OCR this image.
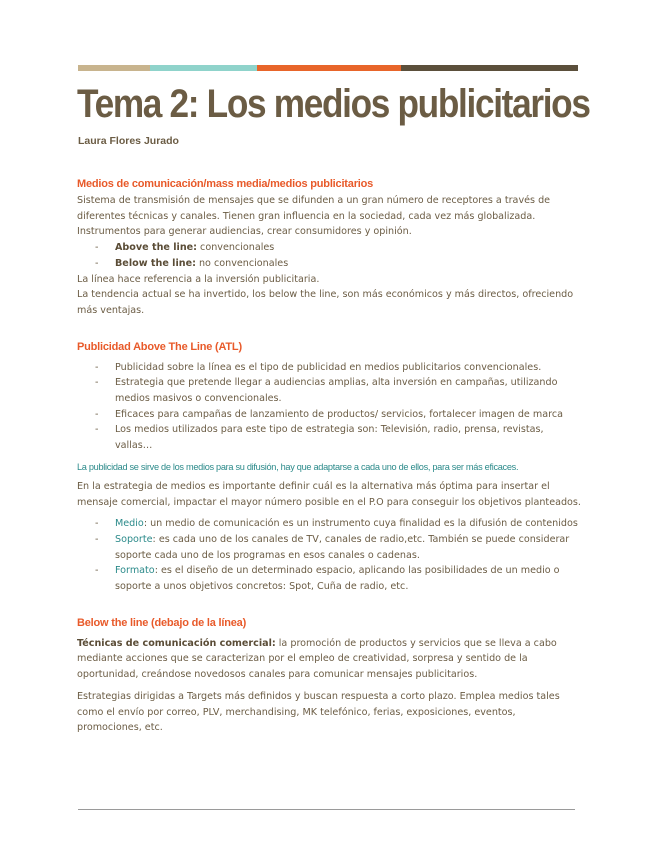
Tema 2: Los medios publicitarios
Laura Flores Jurado
Medios de comunicación/mass media/medios publicitarios

Sistema de transmisión de mensajes que se difunden a un gran número de receptores a través de diferentes técnicas y canales. Tienen gran influencia en la sociedad, cada vez más globalizada. Instrumentos para generar audiencias, crear consumidores y opinión.

- Above the line: convencionales
- Below the line: no convencionales

La línea hace referencia a la inversión publicitaria.

La tendencia actual se ha invertido, los below the line, son más económicos y más directos, ofreciendo más ventajas.

Publicidad Above The Line (ATL)
- Publicidad sobre la línea es el tipo de publicidad en medios publicitarios convencionales.
- Estrategia que pretende llegar a audiencias amplias, alta inversión en campañas, utilizando medios masivos o convencionales.
- Eficaces para campañas de lanzamiento de productos/ servicios, fortalecer imagen de marca
- Los medios utilizados para este tipo de estrategia son: Televisión, radio, prensa, revistas, vallas…

La publicidad se sirve de los medios para su difusión, hay que adaptarse a cada uno de ellos, para ser más eficaces.

En la estrategia de medios es importante definir cuál es la alternativa más óptima para insertar el mensaje comercial, impactar el mayor número posible en el P.O para conseguir los objetivos planteados.

- Medio: un medio de comunicación es un instrumento cuya finalidad es la difusión de contenidos
- Soporte: es cada uno de los canales de TV, canales de radio,etc. También se puede considerar soporte cada uno de los programas en esos canales o cadenas.
- Formato: es el diseño de un determinado espacio, aplicando las posibilidades de un medio o soporte a unos objetivos concretos: Spot, Cuña de radio, etc.
Below the line (debajo de la línea)

Técnicas de comunicación comercial: la promoción de productos y servicios que se lleva a cabo mediante acciones que se caracterizan por el empleo de creatividad, sorpresa y sentido de la oportunidad, creándose novedosos canales para comunicar mensajes publicitarios.

Estrategias dirigidas a Targets más definidos y buscan respuesta a corto plazo. Emplea medios tales como el envío por correo, PLV, merchandising, MK telefónico, ferias, exposiciones, eventos, promociones, etc.
